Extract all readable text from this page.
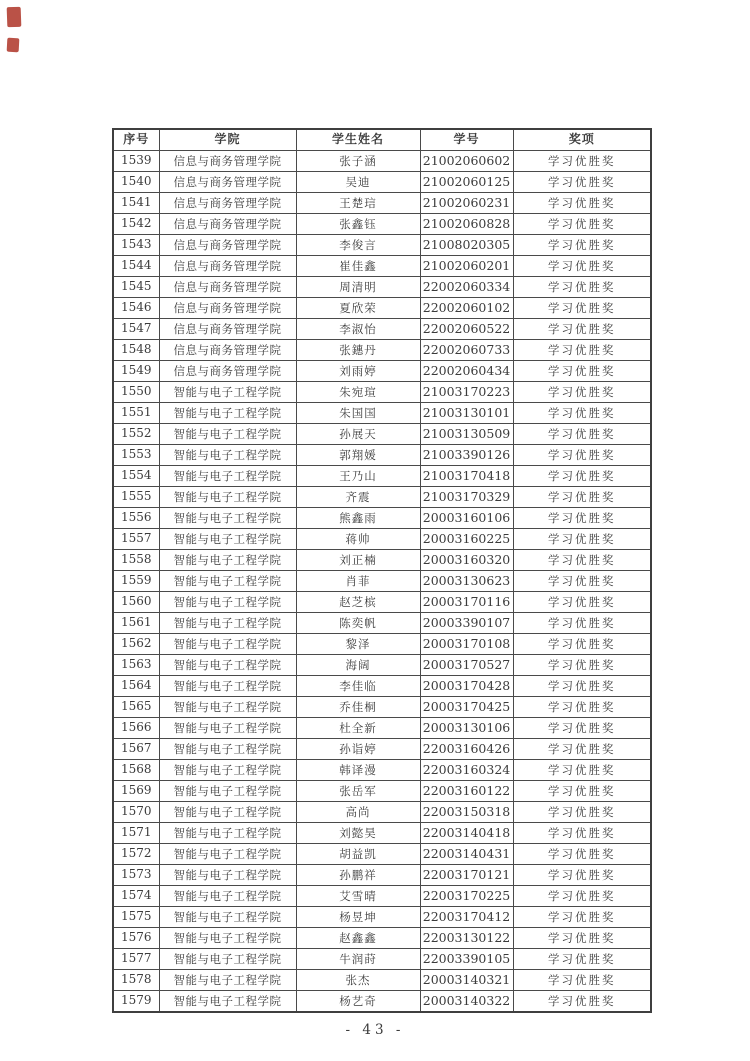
序号	学院	学生姓名	学号	奖项
1539	信息与商务管理学院	张子涵	21002060602	学习优胜奖
1540	信息与商务管理学院	吴迪	21002060125	学习优胜奖
1541	信息与商务管理学院	王楚琂	21002060231	学习优胜奖
1542	信息与商务管理学院	张鑫钰	21002060828	学习优胜奖
1543	信息与商务管理学院	李俊言	21008020305	学习优胜奖
1544	信息与商务管理学院	崔佳鑫	21002060201	学习优胜奖
1545	信息与商务管理学院	周清明	22002060334	学习优胜奖
1546	信息与商务管理学院	夏欣荣	22002060102	学习优胜奖
1547	信息与商务管理学院	李淑怡	22002060522	学习优胜奖
1548	信息与商务管理学院	张鏸丹	22002060733	学习优胜奖
1549	信息与商务管理学院	刘雨婷	22002060434	学习优胜奖
1550	智能与电子工程学院	朱宛瑄	21003170223	学习优胜奖
1551	智能与电子工程学院	朱国国	21003130101	学习优胜奖
1552	智能与电子工程学院	孙展天	21003130509	学习优胜奖
1553	智能与电子工程学院	郭翔媛	21003390126	学习优胜奖
1554	智能与电子工程学院	王乃山	21003170418	学习优胜奖
1555	智能与电子工程学院	齐震	21003170329	学习优胜奖
1556	智能与电子工程学院	熊鑫雨	20003160106	学习优胜奖
1557	智能与电子工程学院	蒋帅	20003160225	学习优胜奖
1558	智能与电子工程学院	刘正楠	20003160320	学习优胜奖
1559	智能与电子工程学院	肖菲	20003130623	学习优胜奖
1560	智能与电子工程学院	赵芝槟	20003170116	学习优胜奖
1561	智能与电子工程学院	陈奕帆	20003390107	学习优胜奖
1562	智能与电子工程学院	黎泽	20003170108	学习优胜奖
1563	智能与电子工程学院	海阔	20003170527	学习优胜奖
1564	智能与电子工程学院	李佳临	20003170428	学习优胜奖
1565	智能与电子工程学院	乔佳桐	20003170425	学习优胜奖
1566	智能与电子工程学院	杜全新	20003130106	学习优胜奖
1567	智能与电子工程学院	孙诣婷	22003160426	学习优胜奖
1568	智能与电子工程学院	韩译漫	22003160324	学习优胜奖
1569	智能与电子工程学院	张岳军	22003160122	学习优胜奖
1570	智能与电子工程学院	高尚	22003150318	学习优胜奖
1571	智能与电子工程学院	刘懿昊	22003140418	学习优胜奖
1572	智能与电子工程学院	胡益凯	22003140431	学习优胜奖
1573	智能与电子工程学院	孙鹏祥	22003170121	学习优胜奖
1574	智能与电子工程学院	艾雪晴	22003170225	学习优胜奖
1575	智能与电子工程学院	杨昱坤	22003170412	学习优胜奖
1576	智能与电子工程学院	赵鑫鑫	22003130122	学习优胜奖
1577	智能与电子工程学院	牛润莳	22003390105	学习优胜奖
1578	智能与电子工程学院	张杰	20003140321	学习优胜奖
1579	智能与电子工程学院	杨艺奇	20003140322	学习优胜奖
- 43 -
